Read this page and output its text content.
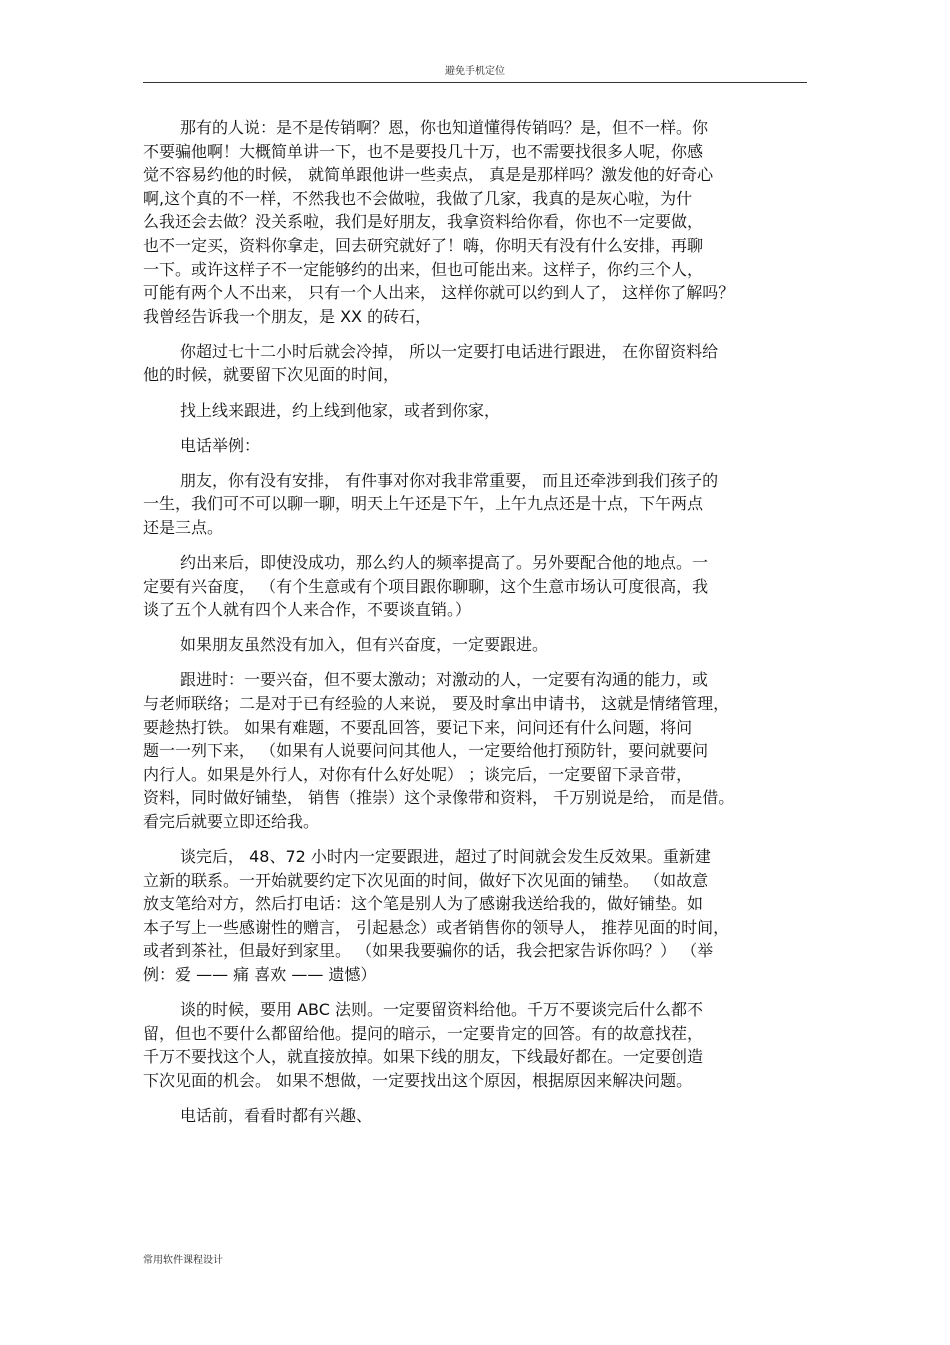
避免手机定位
那有的人说：是不是传销啊？恩，你也知道懂得传销吗？是，但不一样。你
不要骗他啊！大概简单讲一下，也不是要投几十万，也不需要找很多人呢，你感
觉不容易约他的时候， 就简单跟他讲一些卖点， 真是是那样吗？激发他的好奇心
啊,这个真的不一样，不然我也不会做啦，我做了几家，我真的是灰心啦，为什
么我还会去做？没关系啦，我们是好朋友，我拿资料给你看，你也不一定要做，
也不一定买，资料你拿走，回去研究就好了！嗨，你明天有没有什么安排，再聊
一下。或许这样子不一定能够约的出来，但也可能出来。这样子，你约三个人，
可能有两个人不出来， 只有一个人出来， 这样你就可以约到人了， 这样你了解吗？
我曾经告诉我一个朋友，是 XX 的砖石，
你超过七十二小时后就会冷掉， 所以一定要打电话进行跟进， 在你留资料给
他的时候，就要留下次见面的时间，
找上线来跟进，约上线到他家，或者到你家，
电话举例：
朋友，你有没有安排， 有件事对你对我非常重要， 而且还牵涉到我们孩子的
一生，我们可不可以聊一聊，明天上午还是下午，上午九点还是十点，下午两点
还是三点。
约出来后，即使没成功，那么约人的频率提高了。另外要配合他的地点。一
定要有兴奋度， （有个生意或有个项目跟你聊聊，这个生意市场认可度很高，我
谈了五个人就有四个人来合作，不要谈直销。）
如果朋友虽然没有加入，但有兴奋度，一定要跟进。
跟进时：一要兴奋，但不要太激动；对激动的人，一定要有沟通的能力，或
与老师联络；二是对于已有经验的人来说， 要及时拿出申请书， 这就是情绪管理，
要趁热打铁。 如果有难题，不要乱回答，要记下来，问问还有什么问题，将问
题一一列下来， （如果有人说要问问其他人，一定要给他打预防针，要问就要问
内行人。如果是外行人，对你有什么好处呢） ；谈完后，一定要留下录音带，
资料，同时做好铺垫， 销售（推崇）这个录像带和资料， 千万别说是给， 而是借。
看完后就要立即还给我。
谈完后， 48、72 小时内一定要跟进，超过了时间就会发生反效果。重新建
立新的联系。一开始就要约定下次见面的时间，做好下次见面的铺垫。 （如故意
放支笔给对方，然后打电话：这个笔是别人为了感谢我送给我的，做好铺垫。如
本子写上一些感谢性的赠言， 引起悬念）或者销售你的领导人， 推荐见面的时间，
或者到茶社，但最好到家里。 （如果我要骗你的话，我会把家告诉你吗？） （举
例：爱 —— 痛 喜欢 —— 遗憾）
谈的时候，要用 ABC 法则。一定要留资料给他。千万不要谈完后什么都不
留，但也不要什么都留给他。提问的暗示，一定要肯定的回答。有的故意找茬，
千万不要找这个人，就直接放掉。如果下线的朋友，下线最好都在。一定要创造
下次见面的机会。 如果不想做，一定要找出这个原因，根据原因来解决问题。
电话前，看看时都有兴趣、
常用软件课程设计
